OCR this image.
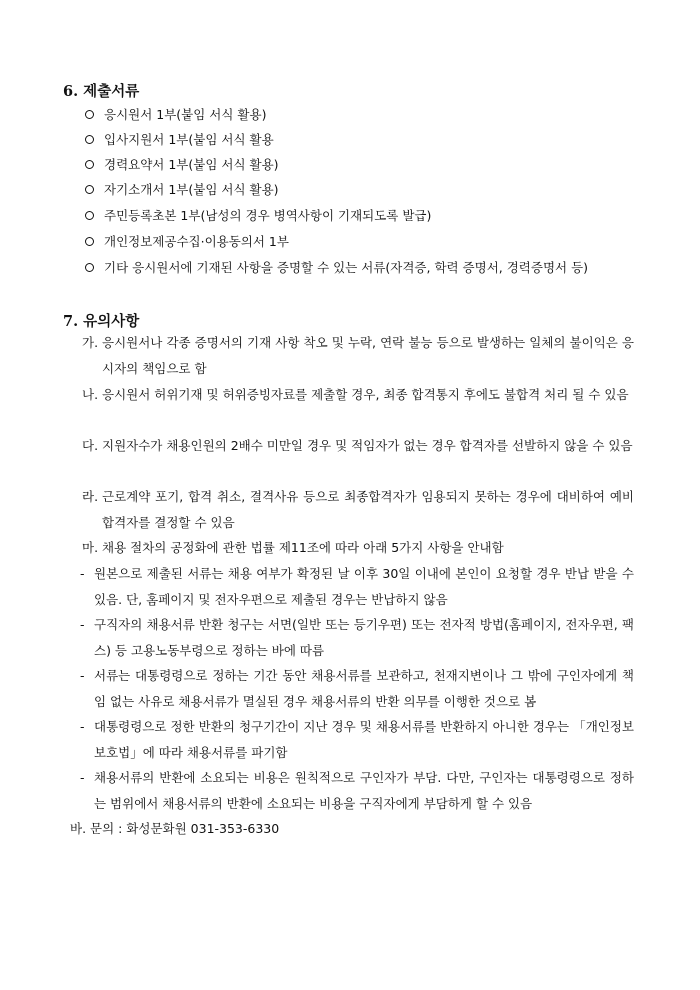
6. 제출서류
응시원서 1부(붙임 서식 활용)
입사지원서 1부(붙임 서식 활용
경력요약서 1부(붙임 서식 활용)
자기소개서 1부(붙임 서식 활용)
주민등록초본 1부(남성의 경우 병역사항이 기재되도록 발급)
개인정보제공수집·이용동의서 1부
기타 응시원서에 기재된 사항을 증명할 수 있는 서류(자격증, 학력 증명서, 경력증명서 등)
7. 유의사항
가. 응시원서나 각종 증명서의 기재 사항 착오 및 누락, 연락 불능 등으로 발생하는 일체의 불이익은 응시자의 책임으로 함
나. 응시원서 허위기재 및 허위증빙자료를 제출할 경우, 최종 합격통지 후에도 불합격 처리 될 수 있음
다. 지원자수가 채용인원의 2배수 미만일 경우 및 적임자가 없는 경우 합격자를 선발하지 않을 수 있음
라. 근로계약 포기, 합격 취소, 결격사유 등으로 최종합격자가 임용되지 못하는 경우에 대비하여 예비합격자를 결정할 수 있음
마. 채용 절차의 공정화에 관한 법률 제11조에 따라 아래 5가지 사항을 안내함
- 원본으로 제출된 서류는 채용 여부가 확정된 날 이후 30일 이내에 본인이 요청할 경우 반납 받을 수 있음. 단, 홈페이지 및 전자우편으로 제출된 경우는 반납하지 않음
- 구직자의 채용서류 반환 청구는 서면(일반 또는 등기우편) 또는 전자적 방법(홈페이지, 전자우편, 팩스) 등 고용노동부령으로 정하는 바에 따름
- 서류는 대통령령으로 정하는 기간 동안 채용서류를 보관하고, 천재지변이나 그 밖에 구인자에게 책임 없는 사유로 채용서류가 멸실된 경우 채용서류의 반환 의무를 이행한 것으로 봄
- 대통령령으로 정한 반환의 청구기간이 지난 경우 및 채용서류를 반환하지 아니한 경우는 「개인정보 보호법」에 따라 채용서류를 파기함
- 채용서류의 반환에 소요되는 비용은 원칙적으로 구인자가 부담. 다만, 구인자는 대통령령으로 정하는 범위에서 채용서류의 반환에 소요되는 비용을 구직자에게 부담하게 할 수 있음
바. 문의 : 화성문화원 031-353-6330
